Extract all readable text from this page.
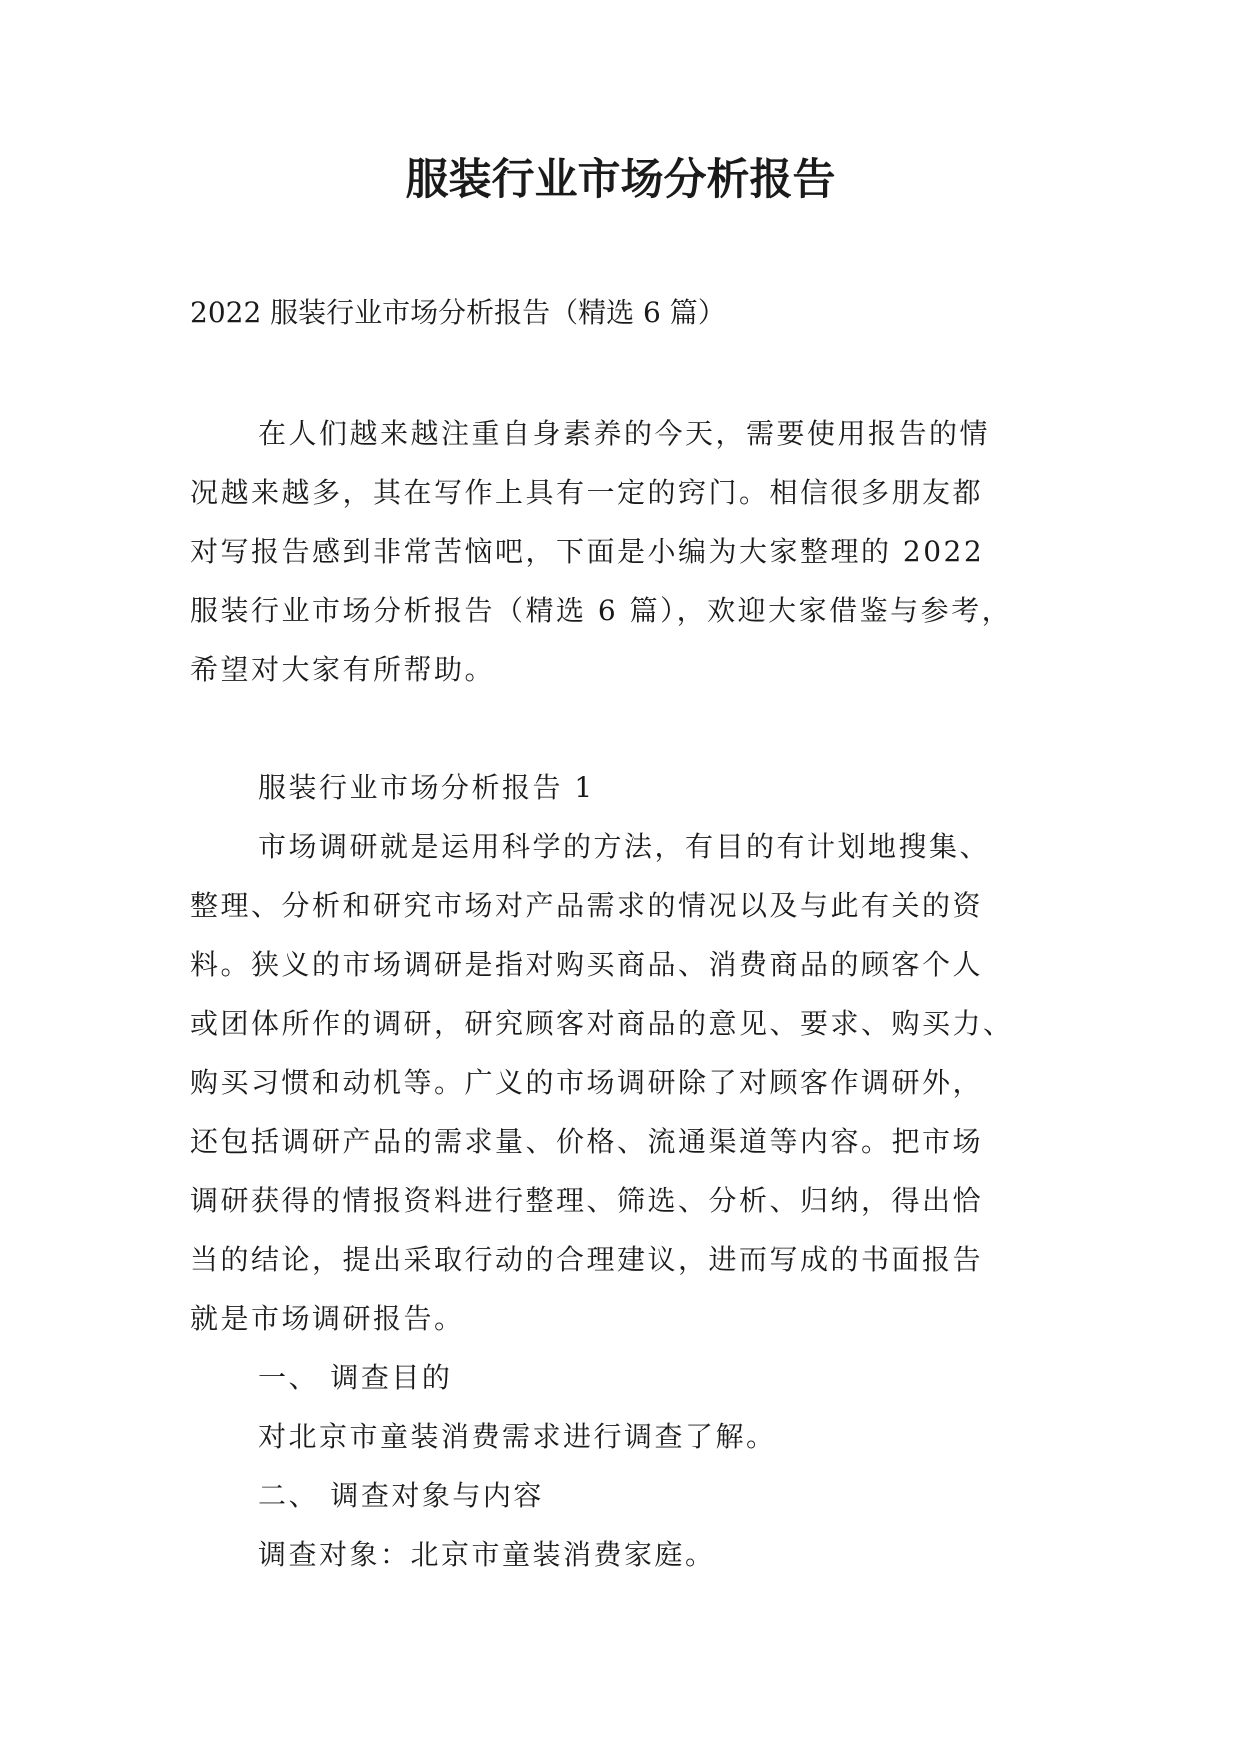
服装行业市场分析报告

2022 服装行业市场分析报告（精选 6 篇）

在人们越来越注重自身素养的今天，需要使用报告的情
况越来越多，其在写作上具有一定的窍门。相信很多朋友都
对写报告感到非常苦恼吧，下面是小编为大家整理的 2022
服装行业市场分析报告（精选 6 篇），欢迎大家借鉴与参考，
希望对大家有所帮助。
服装行业市场分析报告 1
市场调研就是运用科学的方法，有目的有计划地搜集、
整理、分析和研究市场对产品需求的情况以及与此有关的资
料。狭义的市场调研是指对购买商品、消费商品的顾客个人
或团体所作的调研，研究顾客对商品的意见、要求、购买力、
购买习惯和动机等。广义的市场调研除了对顾客作调研外，
还包括调研产品的需求量、价格、流通渠道等内容。把市场
调研获得的情报资料进行整理、筛选、分析、归纳，得出恰
当的结论，提出采取行动的合理建议，进而写成的书面报告
就是市场调研报告。
一、 调查目的
对北京市童装消费需求进行调查了解。
二、 调查对象与内容
调查对象：北京市童装消费家庭。
